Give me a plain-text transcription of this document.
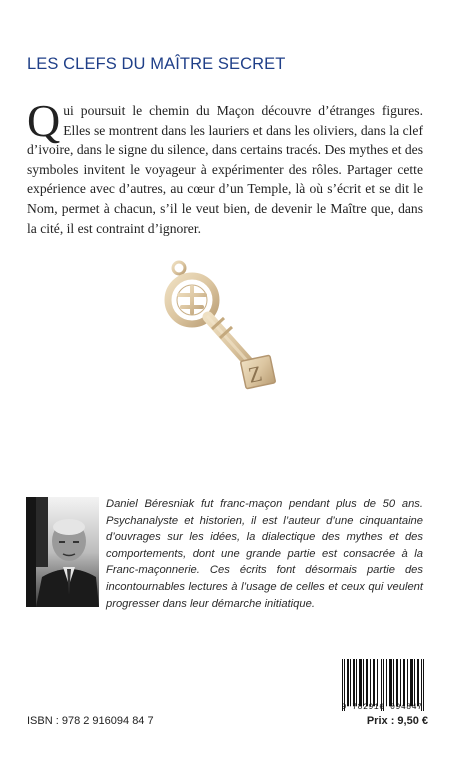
LES CLEFS DU MAÎTRE SECRET
Qui poursuit le chemin du Maçon découvre d’étranges figures. Elles se montrent dans les lauriers et dans les oliviers, dans la clef d’ivoire, dans le signe du silence, dans certains tracés. Des mythes et des symboles invitent le voyageur à expérimenter des rôles. Partager cette expérience avec d’autres, au cœur d’un Temple, là où s’écrit et se dit le Nom, permet à chacun, s’il le veut bien, de devenir le Maître que, dans la cité, il est contraint d’ignorer.
Z
Daniel Béresniak fut franc-maçon pendant plus de 50 ans. Psychanalyste et historien, il est l’auteur d’une cinquantaine d’ouvrages sur les idées, la dialectique des mythes et des comportements, dont une grande partie est consacrée à la Franc-maçonnerie. Ces écrits font désormais partie des incontournables lectures à l’usage de celles et ceux qui veulent progresser dans leur démarche initiatique.
9 782916 094847
ISBN : 978 2 916094 84 7	Prix : 9,50 €
